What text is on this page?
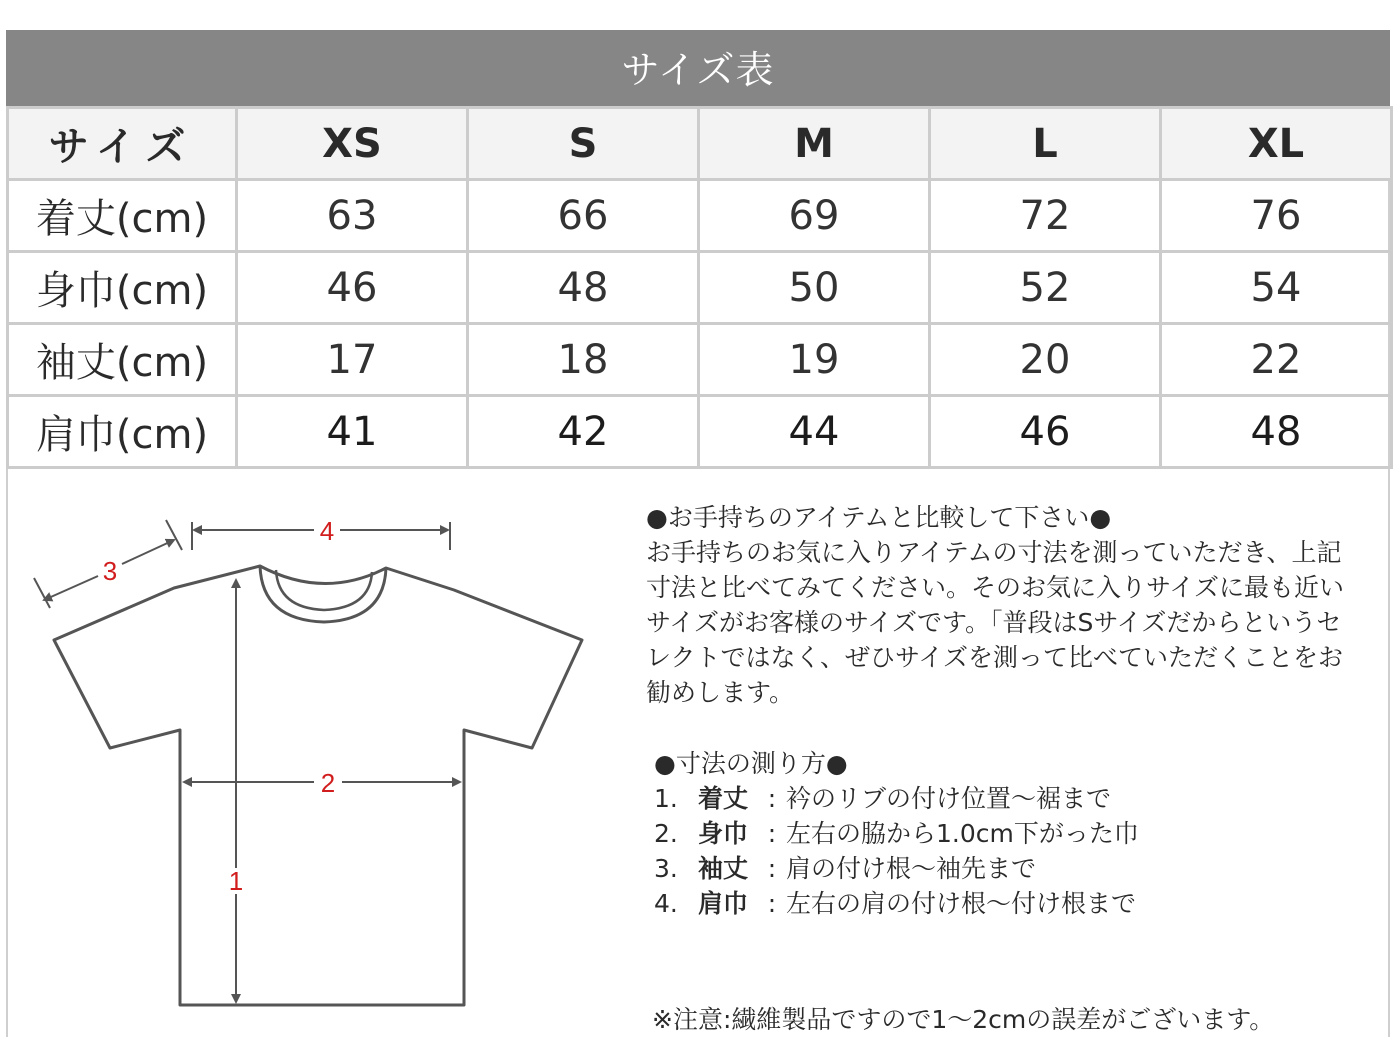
サイズ表
サイズ	XS	S	M	L	XL
着丈(cm)	63	66	69	72	76
身巾(cm)	46	48	50	52	54
袖丈(cm)	17	18	19	20	22
肩巾(cm)	41	42	44	46	48
4
3
2
1

●お手持ちのアイテムと比較して下さい●

お手持ちのお気に入りアイテムの寸法を測っていただき、上記寸法と比べてみてください。そのお気に入りサイズに最も近いサイズがお客様のサイズです。「普段はSサイズだからというセレクトではなく、ぜひサイズを測って比べていただくことをお勧めします。

●寸法の測り方●

1. 着丈 : 衿のリブの付け位置～裾まで
2. 身巾 : 左右の脇から1.0cm下がった巾
3. 袖丈 : 肩の付け根～袖先まで
4. 肩巾 : 左右の肩の付け根～付け根まで
※注意:繊維製品ですので1～2cmの誤差がございます。
